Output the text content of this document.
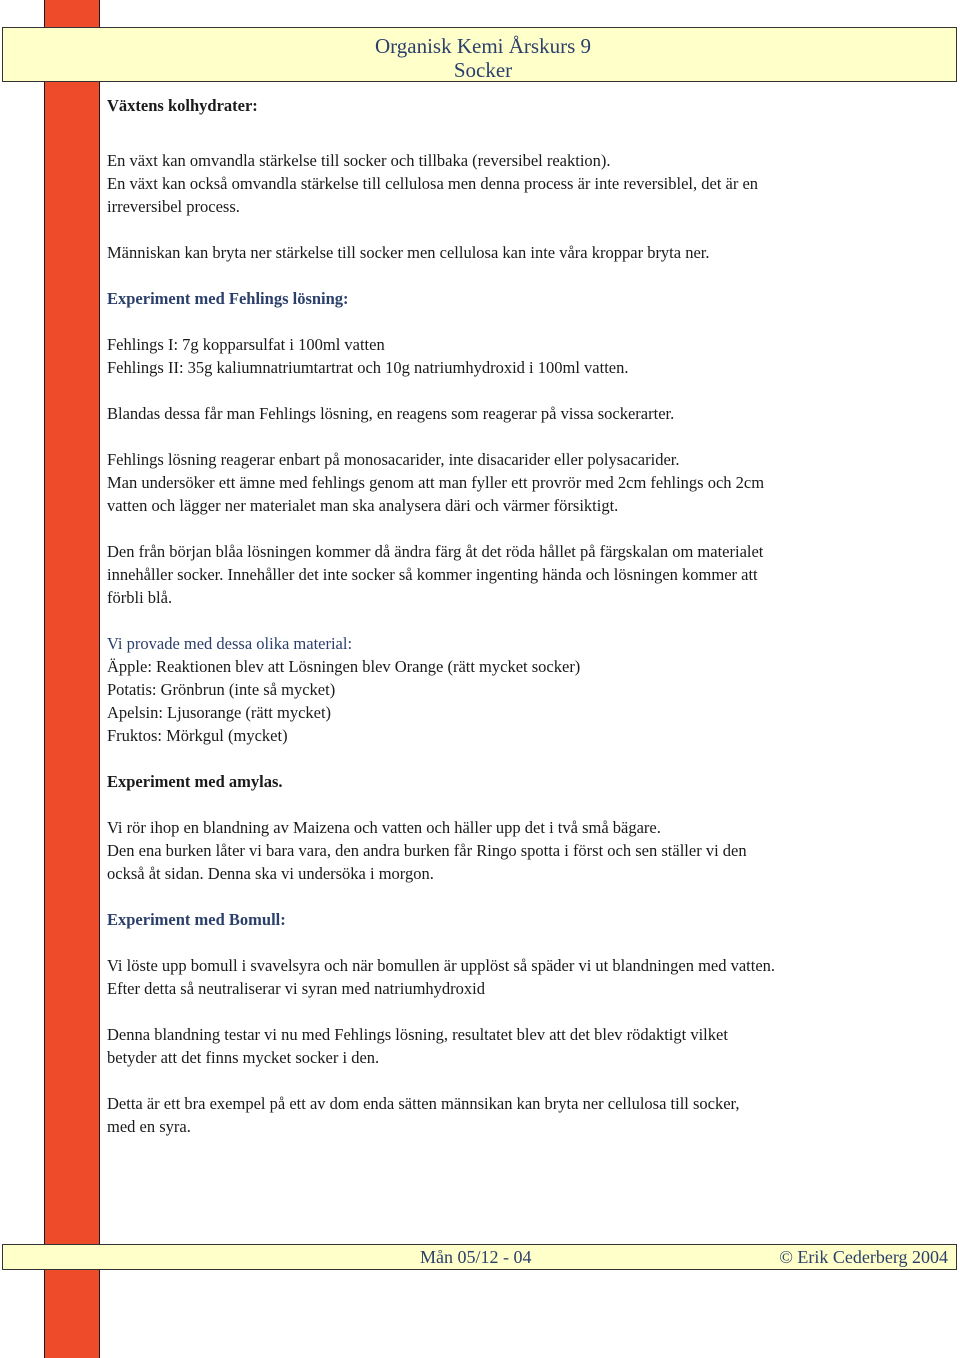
Organisk Kemi Årskurs 9
Socker

Växtens kolhydrater:

En växt kan omvandla stärkelse till socker och tillbaka (reversibel reaktion).

En växt kan också omvandla stärkelse till cellulosa men denna process är inte reversiblel, det är en

irreversibel process.

Människan kan bryta ner stärkelse till socker men cellulosa kan inte våra kroppar bryta ner.

Experiment med Fehlings lösning:

Fehlings I: 7g kopparsulfat i 100ml vatten

Fehlings II: 35g kaliumnatriumtartrat och 10g natriumhydroxid i 100ml vatten.

Blandas dessa får man Fehlings lösning, en reagens som reagerar på vissa sockerarter.

Fehlings lösning reagerar enbart på monosacarider, inte disacarider eller polysacarider.

Man undersöker ett ämne med fehlings genom att man fyller ett provrör med 2cm fehlings och 2cm

vatten och lägger ner materialet man ska analysera däri och värmer försiktigt.

Den från början blåa lösningen kommer då ändra färg åt det röda hållet på färgskalan om materialet

innehåller socker. Innehåller det inte socker så kommer ingenting hända och lösningen kommer att

förbli blå.

Vi provade med dessa olika material:

Äpple: Reaktionen blev att Lösningen blev Orange (rätt mycket socker)

Potatis: Grönbrun (inte så mycket)

Apelsin: Ljusorange (rätt mycket)

Fruktos: Mörkgul (mycket)

Experiment med amylas.

Vi rör ihop en blandning av Maizena och vatten och häller upp det i två små bägare.

Den ena burken låter vi bara vara, den andra burken får Ringo spotta i först och sen ställer vi den

också åt sidan. Denna ska vi undersöka i morgon.

Experiment med Bomull:

Vi löste upp bomull i svavelsyra och när bomullen är upplöst så späder vi ut blandningen med vatten.

Efter detta så neutraliserar vi syran med natriumhydroxid

Denna blandning testar vi nu med Fehlings lösning, resultatet blev att det blev rödaktigt vilket

betyder att det finns mycket socker i den.

Detta är ett bra exempel på ett av dom enda sätten männsikan kan bryta ner cellulosa till socker,

med en syra.

Mån 05/12 - 04	© Erik Cederberg 2004
